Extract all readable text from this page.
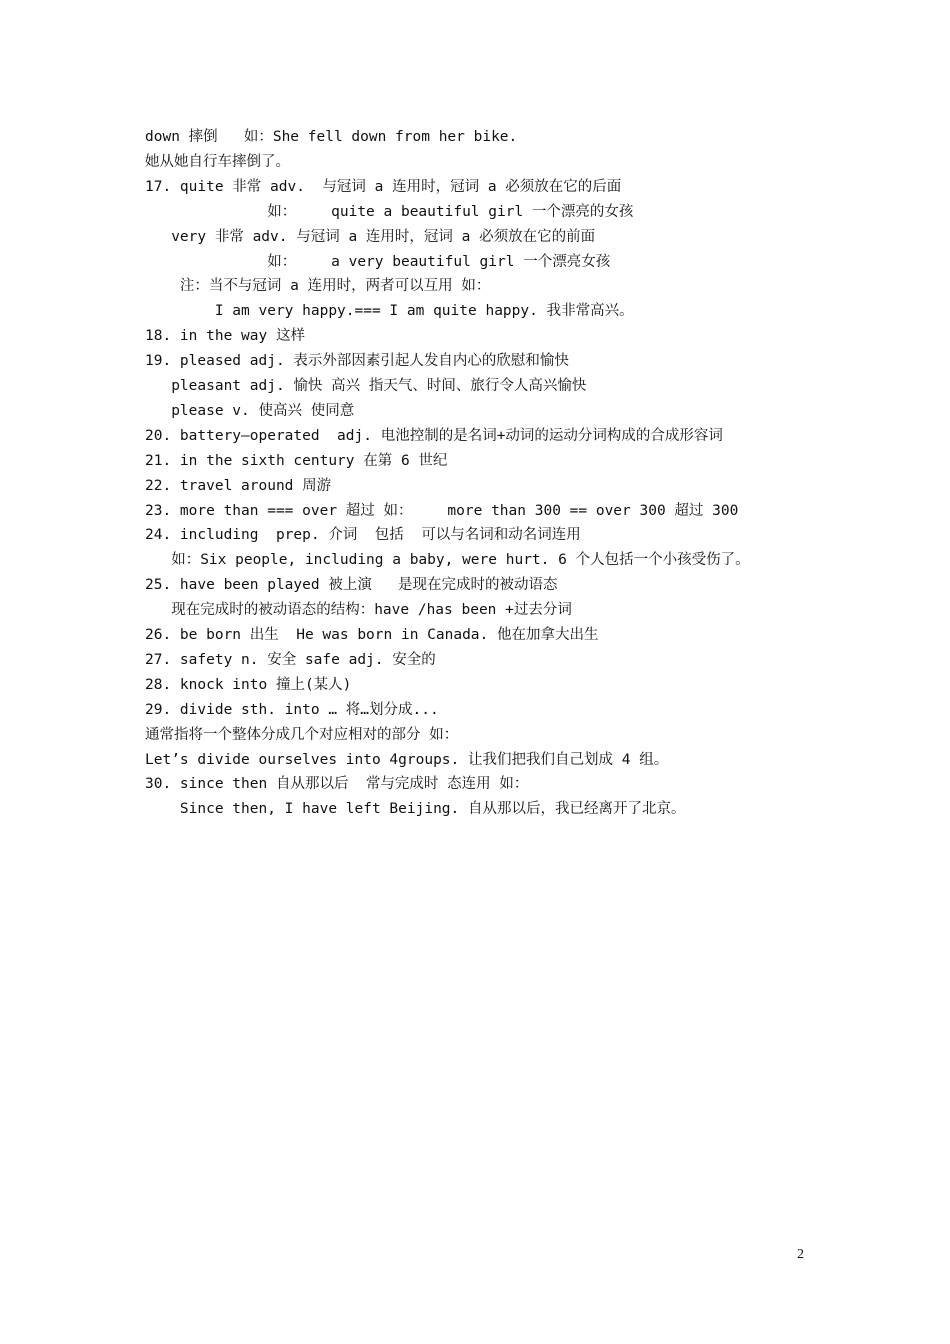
down 摔倒   如：She fell down from her bike.
她从她自行车摔倒了。
17. quite 非常 adv.  与冠词 a 连用时，冠词 a 必须放在它的后面
如：    quite a beautiful girl 一个漂亮的女孩
very 非常 adv. 与冠词 a 连用时，冠词 a 必须放在它的前面
如：    a very beautiful girl 一个漂亮女孩
注：当不与冠词 a 连用时，两者可以互用 如：
I am very happy.=== I am quite happy. 我非常高兴。
18. in the way 这样
19. pleased adj. 表示外部因素引起人发自内心的欣慰和愉快
pleasant adj. 愉快 高兴 指天气、时间、旅行令人高兴愉快
please v. 使高兴 使同意
20. battery—operated  adj. 电池控制的是名词+动词的运动分词构成的合成形容词
21. in the sixth century 在第 6 世纪
22. travel around 周游
23. more than === over 超过 如：    more than 300 == over 300 超过 300
24. including  prep. 介词  包括  可以与名词和动名词连用
如：Six people, including a baby, were hurt. 6 个人包括一个小孩受伤了。
25. have been played 被上演   是现在完成时的被动语态
现在完成时的被动语态的结构：have /has been +过去分词
26. be born 出生  He was born in Canada. 他在加拿大出生
27. safety n. 安全 safe adj. 安全的
28. knock into 撞上(某人)
29. divide sth. into … 将…划分成...
通常指将一个整体分成几个对应相对的部分 如：
Let’s divide ourselves into 4groups. 让我们把我们自己划成 4 组。
30. since then 自从那以后  常与完成时 态连用 如：
Since then, I have left Beijing. 自从那以后，我已经离开了北京。
2
